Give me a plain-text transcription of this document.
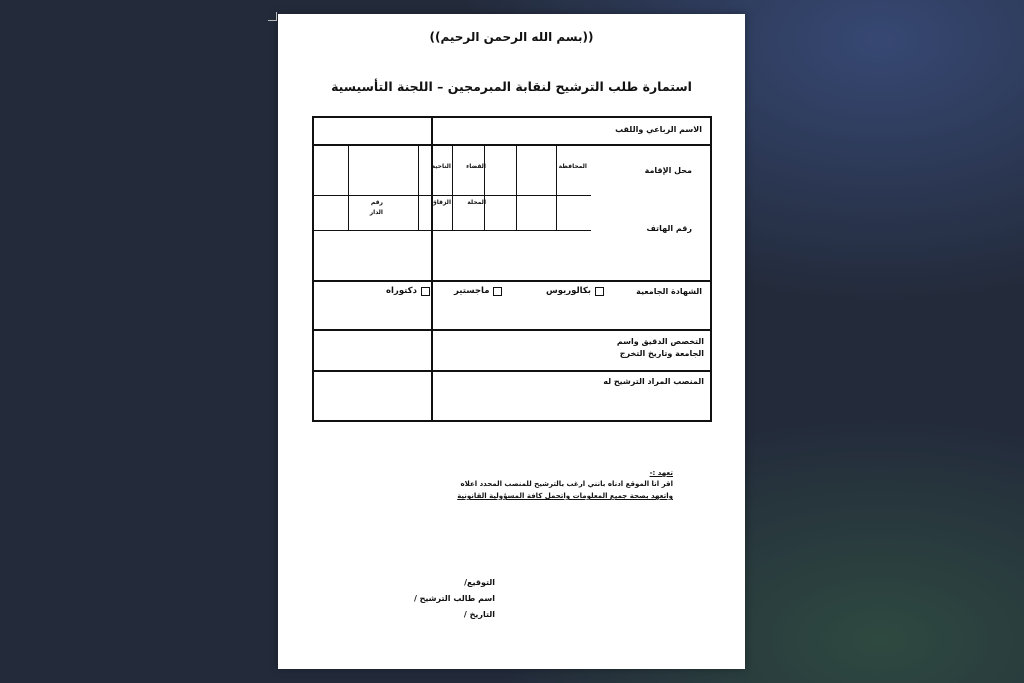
((بسم الله الرحمن الرحيم))
استمارة طلب الترشيح لنقابة المبرمجين – اللجنة التأسيسية
الاسم الرباعي واللقب
محل الإقامة
رقم الهاتف
الشهادة الجامعية
التخصص الدقيق واسم الجامعة وتاريخ التخرج
المنصب المراد الترشيح له
المحافظة
القضاء
الناحية
المحلة
الزقاق
رقم الدار
بكالوريوس
ماجستير
دكتوراه
تعهد :-
اقر انا الموقع ادناه بانني ارغب بالترشيح للمنصب المحدد اعلاه
واتعهد بصحة جميع المعلومات واتحمل كافة المسؤولية القانونية
التوقيع/
اسم طالب الترشيح /
التاريخ /
